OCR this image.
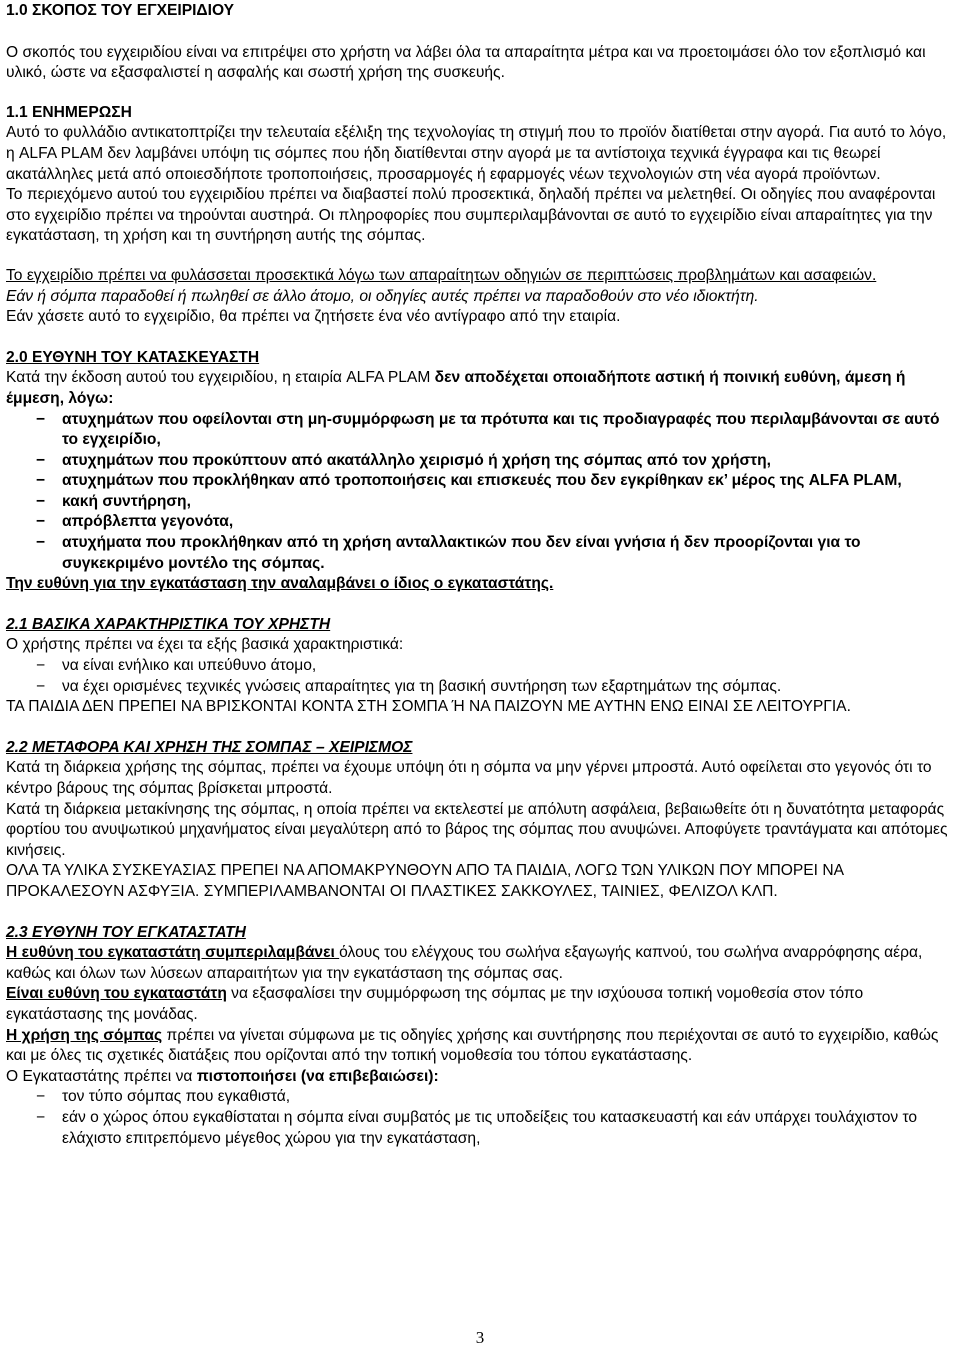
1.0 ΣΚΟΠΟΣ ΤΟΥ ΕΓΧΕΙΡΙΔΙΟΥ

Ο σκοπός του εγχειριδίου είναι να επιτρέψει στο χρήστη να λάβει όλα τα απαραίτητα μέτρα και να προετοιμάσει όλο τον εξοπλισμό και υλικό, ώστε να εξασφαλιστεί η ασφαλής και σωστή χρήση της συσκευής.

1.1 ΕΝΗΜΕΡΩΣΗ

Αυτό το φυλλάδιο αντικατοπτρίζει την τελευταία εξέλιξη της τεχνολογίας τη στιγμή που το προϊόν διατίθεται στην αγορά. Για αυτό το λόγο, η ALFA PLAM δεν λαμβάνει υπόψη τις σόμπες που ήδη διατίθενται στην αγορά με τα αντίστοιχα τεχνικά έγγραφα και τις θεωρεί ακατάλληλες μετά από οποιεσδήποτε τροποποιήσεις, προσαρμογές ή εφαρμογές νέων τεχνολογιών στη νέα αγορά προϊόντων.

Το περιεχόμενο αυτού του εγχειριδίου πρέπει να διαβαστεί πολύ προσεκτικά, δηλαδή πρέπει να μελετηθεί. Οι οδηγίες που αναφέρονται στο εγχειρίδιο πρέπει να τηρούνται αυστηρά. Οι πληροφορίες που συμπεριλαμβάνονται σε αυτό το εγχειρίδιο είναι απαραίτητες για την εγκατάσταση, τη χρήση και τη συντήρηση αυτής της σόμπας.

Το εγχειρίδιο πρέπει να φυλάσσεται προσεκτικά λόγω των απαραίτητων οδηγιών σε περιπτώσεις προβλημάτων και ασαφειών.

Εάν ή σόμπα παραδοθεί ή πωληθεί σε άλλο άτομο, οι οδηγίες αυτές πρέπει να παραδοθούν στο νέο ιδιοκτήτη.

Εάν χάσετε αυτό το εγχειρίδιο, θα πρέπει να ζητήσετε ένα νέο αντίγραφο από την εταιρία.

2.0 ΕΥΘΥΝΗ ΤΟΥ ΚΑΤΑΣΚΕΥΑΣΤΗ

Κατά την έκδοση αυτού του εγχειριδίου, η εταιρία ALFA PLAM δεν αποδέχεται οποιαδήποτε αστική ή ποινική ευθύνη, άμεση ή έμμεση, λόγω:

− ατυχημάτων που οφείλονται στη μη-συμμόρφωση με τα πρότυπα και τις προδιαγραφές που περιλαμβάνονται σε αυτό το εγχειρίδιο,
− ατυχημάτων που προκύπτουν από ακατάλληλο χειρισμό ή χρήση της σόμπας από τον χρήστη,
− ατυχημάτων που προκλήθηκαν από τροποποιήσεις και επισκευές που δεν εγκρίθηκαν εκ’ μέρος της ALFA PLAM,
− κακή συντήρηση,
− απρόβλεπτα γεγονότα,
− ατυχήματα που προκλήθηκαν από τη χρήση ανταλλακτικών που δεν είναι γνήσια ή δεν προορίζονται για το συγκεκριμένο μοντέλο της σόμπας.

Την ευθύνη για την εγκατάσταση την αναλαμβάνει ο ίδιος ο εγκαταστάτης.

2.1 ΒΑΣΙΚΑ ΧΑΡΑΚΤΗΡΙΣΤΙΚΑ ΤΟΥ ΧΡΗΣΤΗ

Ο χρήστης πρέπει να έχει τα εξής βασικά χαρακτηριστικά:

− να είναι ενήλικο και υπεύθυνο άτομο,
− να έχει ορισμένες τεχνικές γνώσεις απαραίτητες για τη βασική συντήρηση των εξαρτημάτων της σόμπας.

ΤΑ ΠΑΙΔΙΑ ΔΕΝ ΠΡΕΠΕΙ ΝΑ ΒΡΙΣΚΟΝΤΑΙ ΚΟΝΤΑ ΣΤΗ ΣΟΜΠΑ Ή ΝΑ ΠΑΙΖΟΥΝ ΜΕ ΑΥΤΗΝ ΕΝΩ ΕΙΝΑΙ ΣΕ ΛΕΙΤΟΥΡΓΙΑ.

2.2 ΜΕΤΑΦΟΡΑ ΚΑΙ ΧΡΗΣΗ ΤΗΣ ΣΟΜΠΑΣ – ΧΕΙΡΙΣΜΟΣ

Κατά τη διάρκεια χρήσης της σόμπας, πρέπει να έχουμε υπόψη ότι η σόμπα να μην γέρνει μπροστά. Αυτό οφείλεται στο γεγονός ότι το κέντρο βάρους της σόμπας βρίσκεται μπροστά.

Κατά τη διάρκεια μετακίνησης της σόμπας, η οποία πρέπει να εκτελεστεί με απόλυτη ασφάλεια, βεβαιωθείτε ότι η δυνατότητα μεταφοράς φορτίου του ανυψωτικού μηχανήματος είναι μεγαλύτερη από το βάρος της σόμπας που ανυψώνει. Αποφύγετε τραντάγματα και απότομες κινήσεις.

ΟΛΑ ΤΑ ΥΛΙΚΑ ΣΥΣΚΕΥΑΣΙΑΣ ΠΡΕΠΕΙ ΝΑ ΑΠΟΜΑΚΡΥΝΘΟΥΝ ΑΠΟ ΤΑ ΠΑΙΔΙΑ, ΛΟΓΩ ΤΩΝ ΥΛΙΚΩΝ ΠΟΥ ΜΠΟΡΕΙ ΝΑ ΠΡΟΚΑΛΕΣΟΥΝ ΑΣΦΥΞΙΑ. ΣΥΜΠΕΡΙΛΑΜΒΑΝΟΝΤΑΙ ΟΙ ΠΛΑΣΤΙΚΕΣ ΣΑΚΚΟΥΛΕΣ, ΤΑΙΝΙΕΣ, ΦΕΛΙΖΟΛ ΚΛΠ.

2.3 ΕΥΘΥΝΗ ΤΟΥ ΕΓΚΑΤΑΣΤΑΤΗ

Η ευθύνη του εγκαταστάτη συμπεριλαμβάνει όλους του ελέγχους του σωλήνα εξαγωγής καπνού, του σωλήνα αναρρόφησης αέρα, καθώς και όλων των λύσεων απαραιτήτων για την εγκατάσταση της σόμπας σας.

Είναι ευθύνη του εγκαταστάτη να εξασφαλίσει την συμμόρφωση της σόμπας με την ισχύουσα τοπική νομοθεσία στον τόπο εγκατάστασης της μονάδας.

Η χρήση της σόμπας πρέπει να γίνεται σύμφωνα με τις οδηγίες χρήσης και συντήρησης που περιέχονται σε αυτό το εγχειρίδιο, καθώς και με όλες τις σχετικές διατάξεις που ορίζονται από την τοπική νομοθεσία του τόπου εγκατάστασης.

Ο Εγκαταστάτης πρέπει να πιστοποιήσει (να επιβεβαιώσει):

− τον τύπο σόμπας που εγκαθιστά,
− εάν ο χώρος όπου εγκαθίσταται η σόμπα είναι συμβατός με τις υποδείξεις του κατασκευαστή και εάν υπάρχει τουλάχιστον το ελάχιστο επιτρεπόμενο μέγεθος χώρου για την εγκατάσταση,
3
